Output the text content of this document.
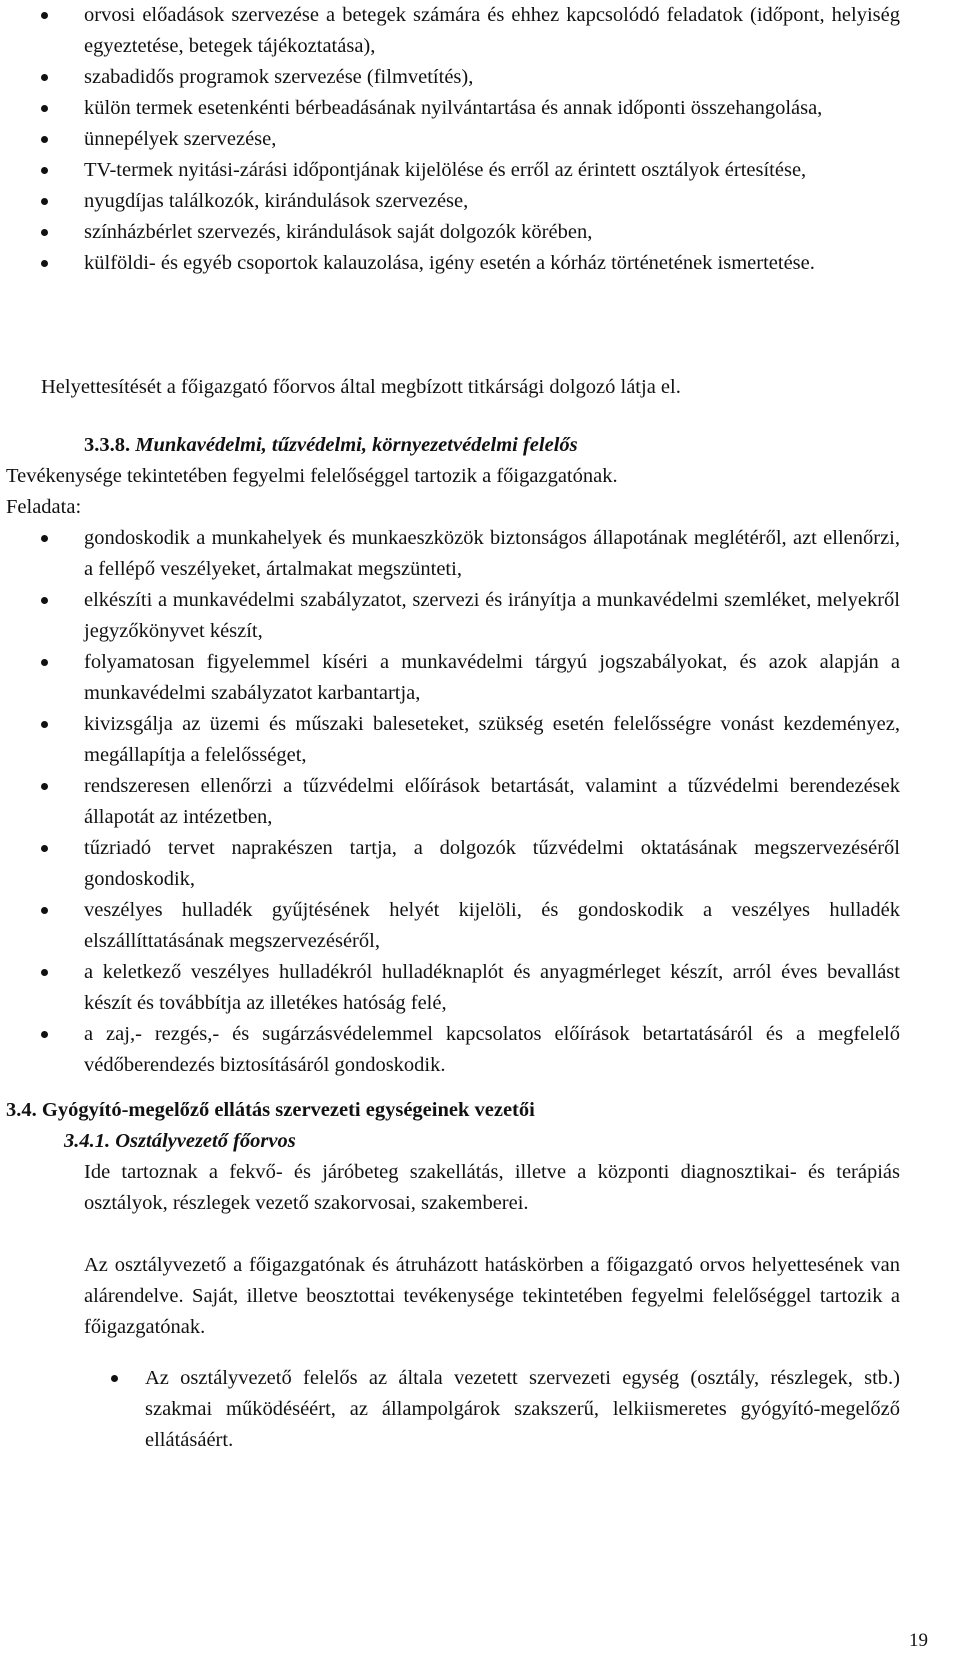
orvosi előadások szervezése a betegek számára és ehhez kapcsolódó feladatok (időpont, helyiség egyeztetése, betegek tájékoztatása),
szabadidős programok szervezése (filmvetítés),
külön termek esetenkénti bérbeadásának nyilvántartása és annak időponti összehangolása,
ünnepélyek szervezése,
TV-termek nyitási-zárási időpontjának kijelölése és erről az érintett osztályok értesítése,
nyugdíjas találkozók, kirándulások szervezése,
színházbérlet szervezés, kirándulások saját dolgozók körében,
külföldi- és egyéb csoportok kalauzolása, igény esetén a kórház történetének ismertetése.

Helyettesítését a főigazgató főorvos által megbízott titkársági dolgozó látja el.

3.3.8. Munkavédelmi, tűzvédelmi, környezetvédelmi felelős

Tevékenysége tekintetében fegyelmi felelőséggel tartozik a főigazgatónak.

Feladata:

gondoskodik a munkahelyek és munkaeszközök biztonságos állapotának meglétéről, azt ellenőrzi, a fellépő veszélyeket, ártalmakat megszünteti,
elkészíti a munkavédelmi szabályzatot, szervezi és irányítja a munkavédelmi szemléket, melyekről jegyzőkönyvet készít,
folyamatosan figyelemmel kíséri a munkavédelmi tárgyú jogszabályokat, és azok alapján a munkavédelmi szabályzatot karbantartja,
kivizsgálja az üzemi és műszaki baleseteket, szükség esetén felelősségre vonást kezdeményez, megállapítja a felelősséget,
rendszeresen ellenőrzi a tűzvédelmi előírások betartását, valamint a tűzvédelmi berendezések állapotát az intézetben,
tűzriadó tervet naprakészen tartja, a dolgozók tűzvédelmi oktatásának megszervezéséről gondoskodik,
veszélyes hulladék gyűjtésének helyét kijelöli, és gondoskodik a veszélyes hulladék elszállíttatásának megszervezéséről,
a keletkező veszélyes hulladékról hulladéknaplót és anyagmérleget készít, arról éves bevallást készít és továbbítja az illetékes hatóság felé,
a zaj,- rezgés,- és sugárzásvédelemmel kapcsolatos előírások betartatásáról és a megfelelő védőberendezés biztosításáról gondoskodik.

3.4. Gyógyító-megelőző ellátás szervezeti egységeinek vezetői

3.4.1. Osztályvezető főorvos

Ide tartoznak a fekvő- és járóbeteg szakellátás, illetve a központi diagnosztikai- és terápiás osztályok, részlegek vezető szakorvosai, szakemberei.

Az osztályvezető a főigazgatónak és átruházott hatáskörben a főigazgató orvos helyettesének van alárendelve. Saját, illetve beosztottai tevékenysége tekintetében fegyelmi felelőséggel tartozik a főigazgatónak.

Az osztályvezető felelős az általa vezetett szervezeti egység (osztály, részlegek, stb.) szakmai működéséért, az állampolgárok szakszerű, lelkiismeretes gyógyító-megelőző ellátásáért.
19
